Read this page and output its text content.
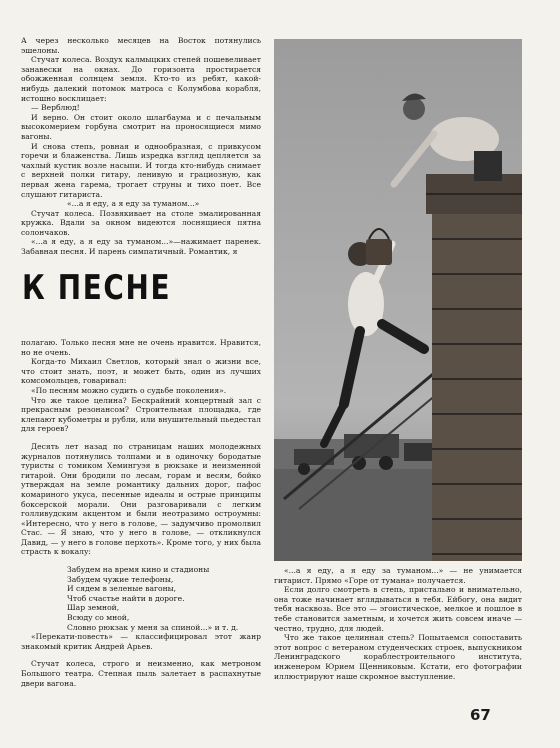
А через несколько месяцев на Восток потянулись эшелоны.

Стучат колеса. Воздух калмыцких степей пошевеливает занавески на окнах. До горизонта простирается обожженная солнцем земля. Кто-то из ребят, какой-нибудь далекий потомок матроса с Колумбова корабля, истошно восклицает:

— Верблюд!

И верно. Он стоит около шлагбаума и с печальным высокомерием горбуна смотрит на проносящиеся мимо вагоны.

И снова степь, ровная и однообразная, с привкусом горечи и блаженства. Лишь изредка взгляд цепляется за чахлый кустик возле насыпи. И тогда кто-нибудь снимает с верхней полки гитару, ленивую и грациозную, как первая жена гарема, трогает струны и тихо поет. Все слушают гитариста.

«...а я еду, а я еду за туманом...»

Стучат колеса. Позвякивает на столе эмалированная кружка. Вдали за окном видеются лоснящиеся пятна солончаков.

«...а я еду, а я еду за туманом...»—нажимает паренек. Забавная песня. И парень симпатичный. Романтик, я

К ПЕСНЕ

полагаю. Только песня мне не очень нравится. Нравится, но не очень.

Когда-то Михаил Светлов, который знал о жизни все, что стоит знать, поэт, и может быть, один из лучших комсомольцев, говаривал:

«По песням можно судить о судьбе поколения».

Что же такое целина? Бескрайний концертный зал с прекрасным резонансом? Строительная площадка, где клепают кубометры и рубли, или внушительный пьедестал для героев?

Десять лет назад по страницам наших молодежных журналов потянулись толпами и в одиночку бородатые туристы с томиком Хемингуэя в рюкзаке и неизменной гитарой. Они бродили по лесам, горам и весям, бойко утверждая на земле романтику дальних дорог, пафос комариного укуса, песенные идеалы и острые принципы боксерской морали. Они разговаривали с легким голливудским акцентом и были неотразимо остроумны: «Интересно, что у него в голове, — задумчиво промолвил Стас. — Я знаю, что у него в голове, — откликнулся Давид, — у него в голове перхоть». Кроме того, у них была страсть к вокалу:

Забудем на время кино и стадионы

Забудем чужие телефоны,

И сядем в зеленые вагоны,

Чтоб счастье найти в дороге.

Шар земной,

Всюду со мной,

Словно рюкзак у меня за спиной...» и т. д.

«Перекати-повесть» — классифицировал этот жанр знакомый критик Андрей Арьев.

Стучат колеса, строго и неизменно, как метроном Большого театра. Степная пыль залетает в распахнутые двери вагона.

«...а я еду, а я еду за туманом...» — не унимается гитарист. Прямо «Горе от тумана» получается.

Если долго смотреть в степь, пристально и внимательно, она тоже начинает вглядываться в тебя. Ейбогу, она видит тебя насквозь. Все это — эгоистическое, мелкое и пошлое в тебе становится заметным, и хочется жить совсем иначе — честно, трудно, для людей.

Что же такое целинная степь? Попытаемся сопоставить этот вопрос с ветераном студенческих строек, выпускником Ленинградского кораблестроительного института, инженером Юрием Щенниковым. Кстати, его фотографии иллюстрируют наше скромное выступление.

67
